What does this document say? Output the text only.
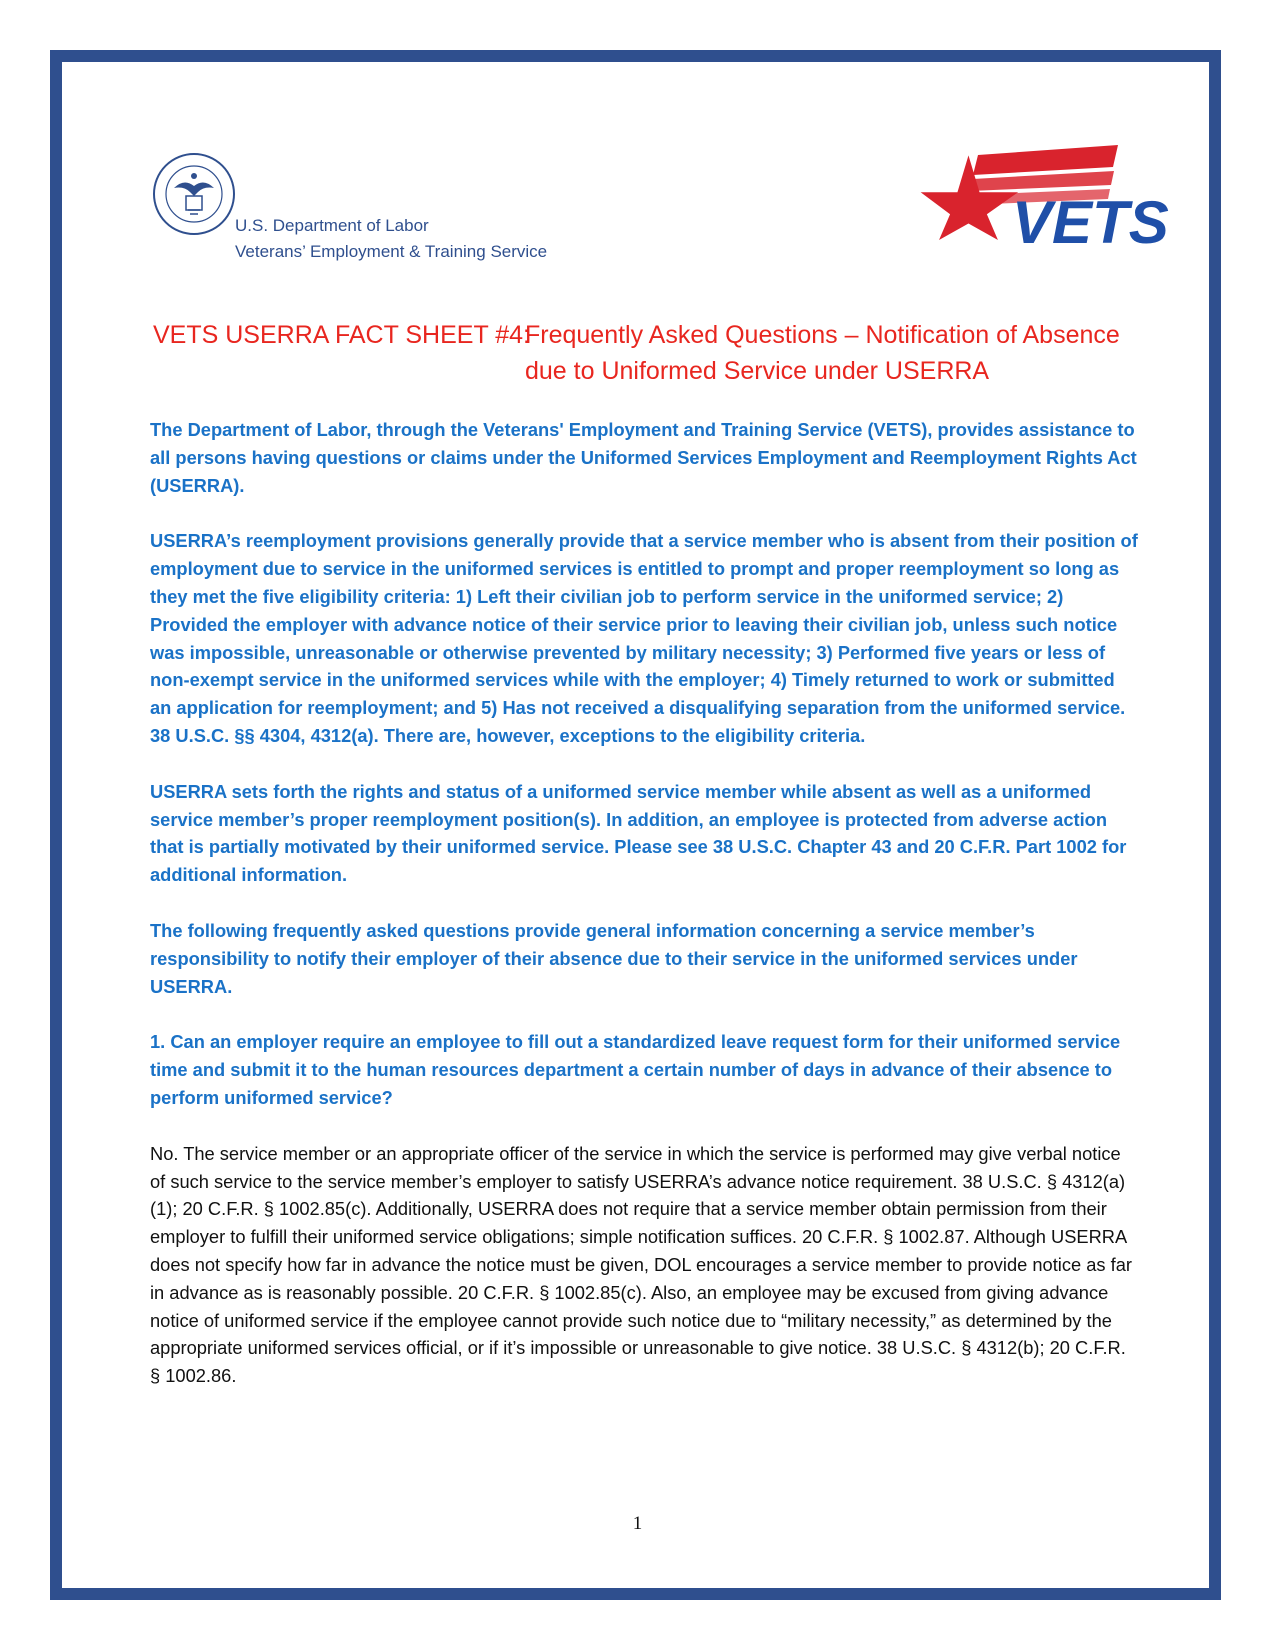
U.S. Department of Labor
Veterans’ Employment & Training Service	VETS
VETS USERRA FACT SHEET #4:
Frequently Asked Questions – Notification of Absence due to Uniformed Service under USERRA

The Department of Labor, through the Veterans' Employment and Training Service (VETS), provides assistance to all persons having questions or claims under the Uniformed Services Employment and Reemployment Rights Act (USERRA).

USERRA’s reemployment provisions generally provide that a service member who is absent from their position of employment due to service in the uniformed services is entitled to prompt and proper reemployment so long as they met the five eligibility criteria: 1) Left their civilian job to perform service in the uniformed service; 2) Provided the employer with advance notice of their service prior to leaving their civilian job, unless such notice was impossible, unreasonable or otherwise prevented by military necessity; 3) Performed five years or less of non-exempt service in the uniformed services while with the employer; 4) Timely returned to work or submitted an application for reemployment; and 5) Has not received a disqualifying separation from the uniformed service. 38 U.S.C. §§ 4304, 4312(a). There are, however, exceptions to the eligibility criteria.

USERRA sets forth the rights and status of a uniformed service member while absent as well as a uniformed service member’s proper reemployment position(s). In addition, an employee is protected from adverse action that is partially motivated by their uniformed service. Please see 38 U.S.C. Chapter 43 and 20 C.F.R. Part 1002 for additional information.

The following frequently asked questions provide general information concerning a service member’s responsibility to notify their employer of their absence due to their service in the uniformed services under USERRA.

1. Can an employer require an employee to fill out a standardized leave request form for their uniformed service time and submit it to the human resources department a certain number of days in advance of their absence to perform uniformed service?

No. The service member or an appropriate officer of the service in which the service is performed may give verbal notice of such service to the service member’s employer to satisfy USERRA’s advance notice requirement. 38 U.S.C. § 4312(a)(1); 20 C.F.R. § 1002.85(c). Additionally, USERRA does not require that a service member obtain permission from their employer to fulfill their uniformed service obligations; simple notification suffices. 20 C.F.R. § 1002.87. Although USERRA does not specify how far in advance the notice must be given, DOL encourages a service member to provide notice as far in advance as is reasonably possible. 20 C.F.R. § 1002.85(c). Also, an employee may be excused from giving advance notice of uniformed service if the employee cannot provide such notice due to “military necessity,” as determined by the appropriate uniformed services official, or if it’s impossible or unreasonable to give notice. 38 U.S.C. § 4312(b); 20 C.F.R. § 1002.86.

1
